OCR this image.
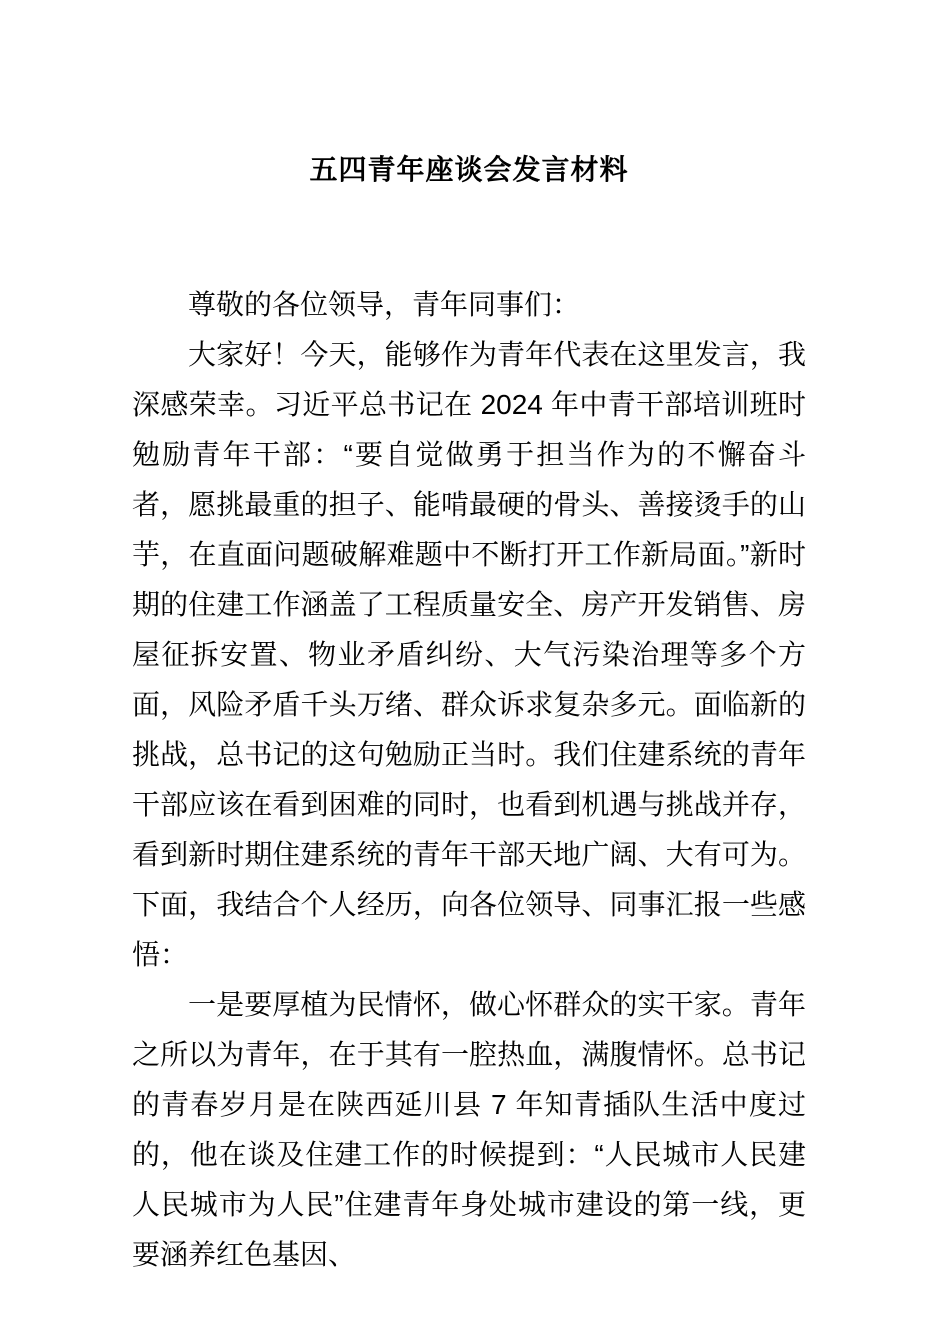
五四青年座谈会发言材料

尊敬的各位领导，青年同事们：

大家好！今天，能够作为青年代表在这里发言，我深感荣幸。习近平总书记在 2024 年中青干部培训班时勉励青年干部：“要自觉做勇于担当作为的不懈奋斗者，愿挑最重的担子、能啃最硬的骨头、善接烫手的山芋，在直面问题破解难题中不断打开工作新局面。”新时期的住建工作涵盖了工程质量安全、房产开发销售、房屋征拆安置、物业矛盾纠纷、大气污染治理等多个方面，风险矛盾千头万绪、群众诉求复杂多元。面临新的挑战，总书记的这句勉励正当时。我们住建系统的青年干部应该在看到困难的同时，也看到机遇与挑战并存，看到新时期住建系统的青年干部天地广阔、大有可为。下面，我结合个人经历，向各位领导、同事汇报一些感悟：

一是要厚植为民情怀，做心怀群众的实干家。青年之所以为青年，在于其有一腔热血，满腹情怀。总书记的青春岁月是在陕西延川县 7 年知青插队生活中度过的，他在谈及住建工作的时候提到：“人民城市人民建人民城市为人民”住建青年身处城市建设的第一线，更要涵养红色基因、
